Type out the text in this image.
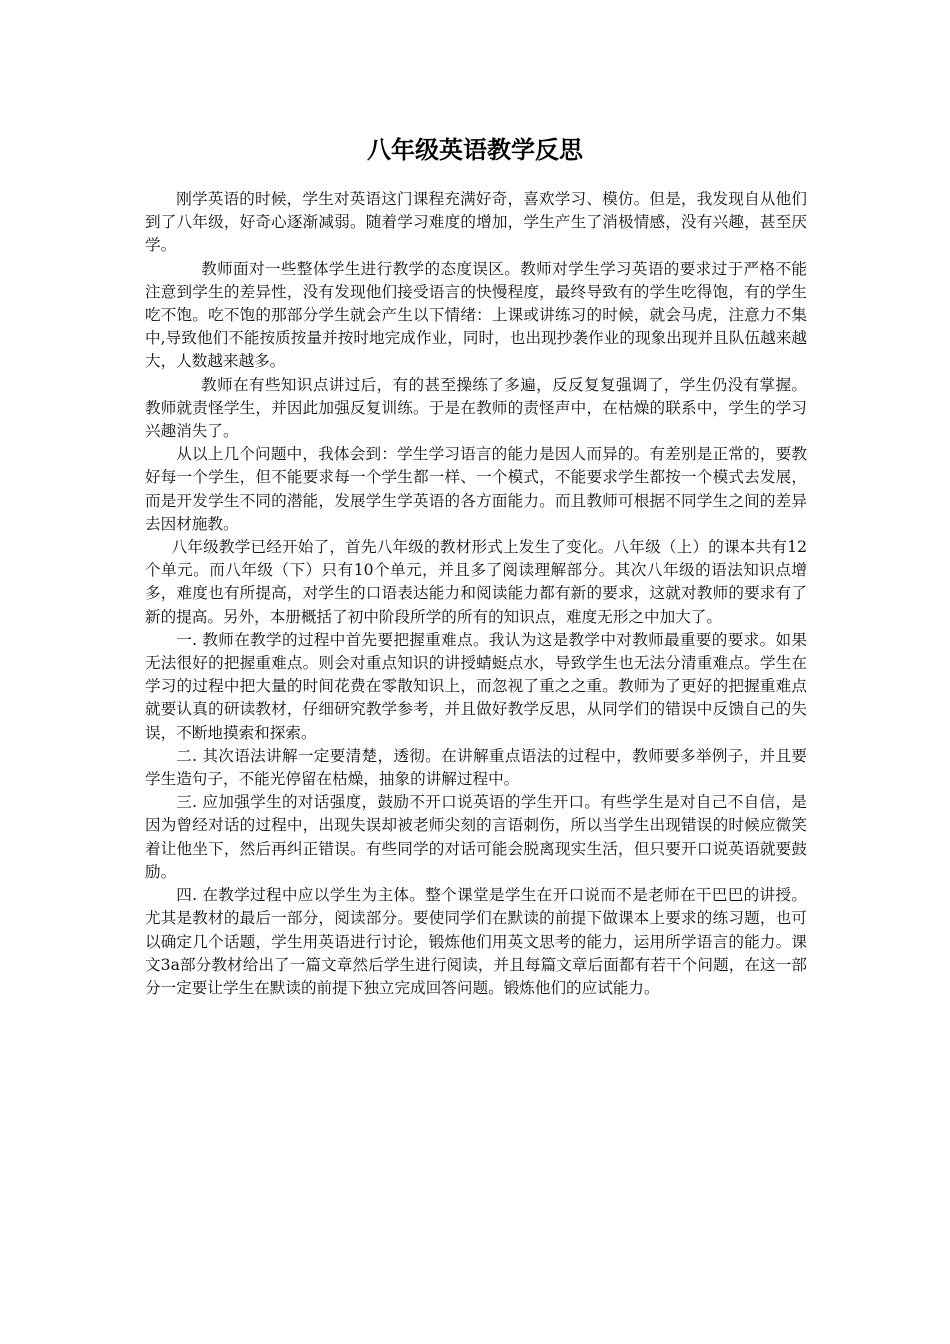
八年级英语教学反思

刚学英语的时候，学生对英语这门课程充满好奇，喜欢学习、模仿。但是，我发现自从他们到了八年级，好奇心逐渐减弱。随着学习难度的增加，学生产生了消极情感，没有兴趣，甚至厌学。

教师面对一些整体学生进行教学的态度误区。教师对学生学习英语的要求过于严格不能注意到学生的差异性，没有发现他们接受语言的快慢程度，最终导致有的学生吃得饱，有的学生吃不饱。吃不饱的那部分学生就会产生以下情绪：上课或讲练习的时候，就会马虎，注意力不集中,导致他们不能按质按量并按时地完成作业，同时，也出现抄袭作业的现象出现并且队伍越来越大，人数越来越多。

教师在有些知识点讲过后，有的甚至操练了多遍，反反复复强调了，学生仍没有掌握。教师就责怪学生，并因此加强反复训练。于是在教师的责怪声中，在枯燥的联系中，学生的学习兴趣消失了。

从以上几个问题中，我体会到：学生学习语言的能力是因人而异的。有差别是正常的，要教好每一个学生，但不能要求每一个学生都一样、一个模式，不能要求学生都按一个模式去发展，而是开发学生不同的潜能，发展学生学英语的各方面能力。而且教师可根据不同学生之间的差异去因材施教。

八年级教学已经开始了，首先八年级的教材形式上发生了变化。八年级（上）的课本共有12个单元。而八年级（下）只有10个单元，并且多了阅读理解部分。其次八年级的语法知识点增多，难度也有所提高，对学生的口语表达能力和阅读能力都有新的要求，这就对教师的要求有了新的提高。另外，本册概括了初中阶段所学的所有的知识点，难度无形之中加大了。

一. 教师在教学的过程中首先要把握重难点。我认为这是教学中对教师最重要的要求。如果无法很好的把握重难点。则会对重点知识的讲授蜻蜓点水，导致学生也无法分清重难点。学生在学习的过程中把大量的时间花费在零散知识上，而忽视了重之之重。教师为了更好的把握重难点就要认真的研读教材，仔细研究教学参考，并且做好教学反思，从同学们的错误中反馈自己的失误，不断地摸索和探索。

二. 其次语法讲解一定要清楚，透彻。在讲解重点语法的过程中，教师要多举例子，并且要学生造句子，不能光停留在枯燥，抽象的讲解过程中。

三. 应加强学生的对话强度，鼓励不开口说英语的学生开口。有些学生是对自己不自信，是因为曾经对话的过程中，出现失误却被老师尖刻的言语刺伤，所以当学生出现错误的时候应微笑着让他坐下，然后再纠正错误。有些同学的对话可能会脱离现实生活，但只要开口说英语就要鼓励。

四. 在教学过程中应以学生为主体。整个课堂是学生在开口说而不是老师在干巴巴的讲授。尤其是教材的最后一部分，阅读部分。要使同学们在默读的前提下做课本上要求的练习题，也可以确定几个话题，学生用英语进行讨论，锻炼他们用英文思考的能力，运用所学语言的能力。课文3a部分教材给出了一篇文章然后学生进行阅读，并且每篇文章后面都有若干个问题，在这一部分一定要让学生在默读的前提下独立完成回答问题。锻炼他们的应试能力。
